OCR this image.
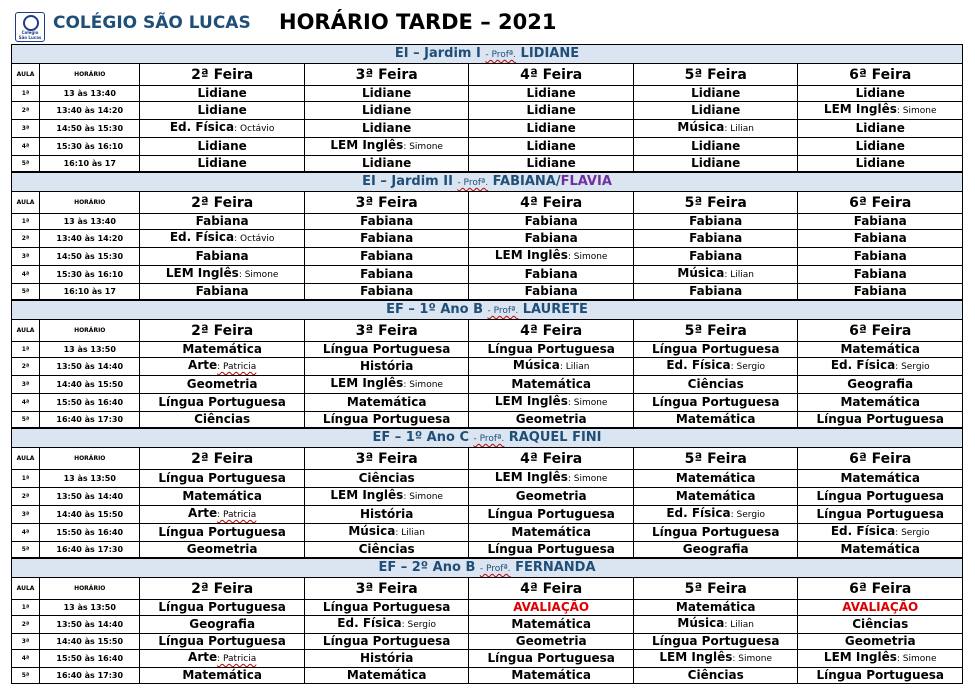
Colégio São Lucas
COLÉGIO SÃO LUCAS HORÁRIO TARDE – 2021
EI – Jardim I - Profª. LIDIANE
AULA	HORÁRIO	2ª Feira	3ª Feira	4ª Feira	5ª Feira	6ª Feira
1ª	13 às 13:40	Lidiane	Lidiane	Lidiane	Lidiane	Lidiane
2ª	13:40 às 14:20	Lidiane	Lidiane	Lidiane	Lidiane	LEM Inglês: Simone
3ª	14:50 às 15:30	Ed. Física: Octávio	Lidiane	Lidiane	Música: Lilian	Lidiane
4ª	15:30 às 16:10	Lidiane	LEM Inglês: Simone	Lidiane	Lidiane	Lidiane
5ª	16:10 às 17	Lidiane	Lidiane	Lidiane	Lidiane	Lidiane
EI – Jardim II - Profª. FABIANA/FLAVIA
AULA	HORÁRIO	2ª Feira	3ª Feira	4ª Feira	5ª Feira	6ª Feira
1ª	13 às 13:40	Fabiana	Fabiana	Fabiana	Fabiana	Fabiana
2ª	13:40 às 14:20	Ed. Física: Octávio	Fabiana	Fabiana	Fabiana	Fabiana
3ª	14:50 às 15:30	Fabiana	Fabiana	LEM Inglês: Simone	Fabiana	Fabiana
4ª	15:30 às 16:10	LEM Inglês: Simone	Fabiana	Fabiana	Música: Lilian	Fabiana
5ª	16:10 às 17	Fabiana	Fabiana	Fabiana	Fabiana	Fabiana
EF – 1º Ano B - Profª. LAURETE
AULA	HORÁRIO	2ª Feira	3ª Feira	4ª Feira	5ª Feira	6ª Feira
1ª	13 às 13:50	Matemática	Língua Portuguesa	Língua Portuguesa	Língua Portuguesa	Matemática
2ª	13:50 às 14:40	Arte: Patricia	História	Música: Lilian	Ed. Física: Sergio	Ed. Física: Sergio
3ª	14:40 às 15:50	Geometria	LEM Inglês: Simone	Matemática	Ciências	Geografia
4ª	15:50 às 16:40	Língua Portuguesa	Matemática	LEM Inglês: Simone	Língua Portuguesa	Matemática
5ª	16:40 às 17:30	Ciências	Língua Portuguesa	Geometria	Matemática	Língua Portuguesa
EF – 1º Ano C - Profª. RAQUEL FINI
AULA	HORÁRIO	2ª Feira	3ª Feira	4ª Feira	5ª Feira	6ª Feira
1ª	13 às 13:50	Língua Portuguesa	Ciências	LEM Inglês: Simone	Matemática	Matemática
2ª	13:50 às 14:40	Matemática	LEM Inglês: Simone	Geometria	Matemática	Língua Portuguesa
3ª	14:40 às 15:50	Arte: Patricia	História	Língua Portuguesa	Ed. Física: Sergio	Língua Portuguesa
4ª	15:50 às 16:40	Língua Portuguesa	Música: Lilian	Matemática	Língua Portuguesa	Ed. Física: Sergio
5ª	16:40 às 17:30	Geometria	Ciências	Língua Portuguesa	Geografia	Matemática
EF – 2º Ano B - Profª. FERNANDA
AULA	HORÁRIO	2ª Feira	3ª Feira	4ª Feira	5ª Feira	6ª Feira
1ª	13 às 13:50	Língua Portuguesa	Língua Portuguesa	AVALIAÇÃO	Matemática	AVALIAÇÃO
2ª	13:50 às 14:40	Geografia	Ed. Física: Sergio	Matemática	Música: Lilian	Ciências
3ª	14:40 às 15:50	Língua Portuguesa	Língua Portuguesa	Geometria	Língua Portuguesa	Geometria
4ª	15:50 às 16:40	Arte: Patricia	História	Língua Portuguesa	LEM Inglês: Simone	LEM Inglês: Simone
5ª	16:40 às 17:30	Matemática	Matemática	Matemática	Ciências	Língua Portuguesa
